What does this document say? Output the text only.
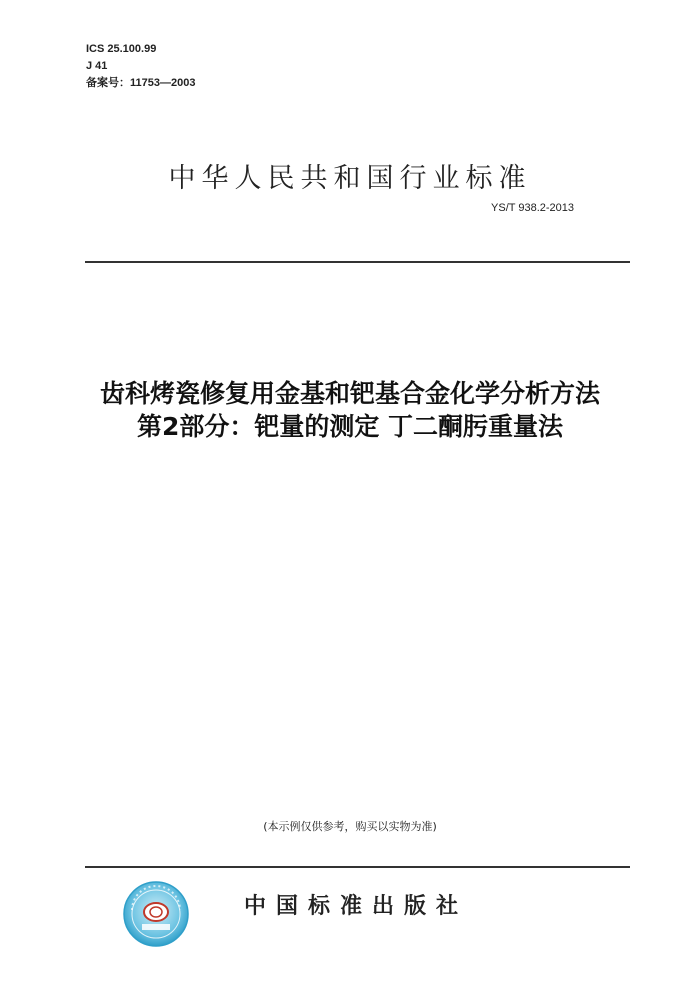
ICS 25.100.99
J 41
备案号：11753—2003
中华人民共和国行业标准
YS/T 938.2-2013
齿科烤瓷修复用金基和钯基合金化学分析方法
第2部分：钯量的测定 丁二酮肟重量法
(本示例仅供参考，购买以实物为准)
中国标准出版社
